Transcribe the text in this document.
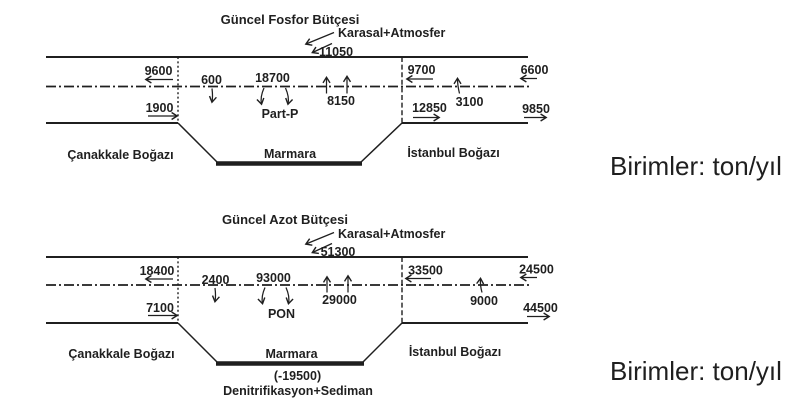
Güncel Fosfor Bütçesi
Karasal+Atmosfer
11050
9600
1900
600	18700
Part-P
8150
9700
12850 3100
6600
9850
Çanakkale Boğazı	Marmara	İstanbul Boğazı
Güncel Azot Bütçesi
Karasal+Atmosfer
51300
18400
7100
2400 93000
PON
29000
33500
9000
24500
44500
Çanakkale Boğazı	Marmara	İstanbul Boğazı
(-19500)
Denitrifikasyon+Sediman
Birimler: ton/yıl
Birimler: ton/yıl
